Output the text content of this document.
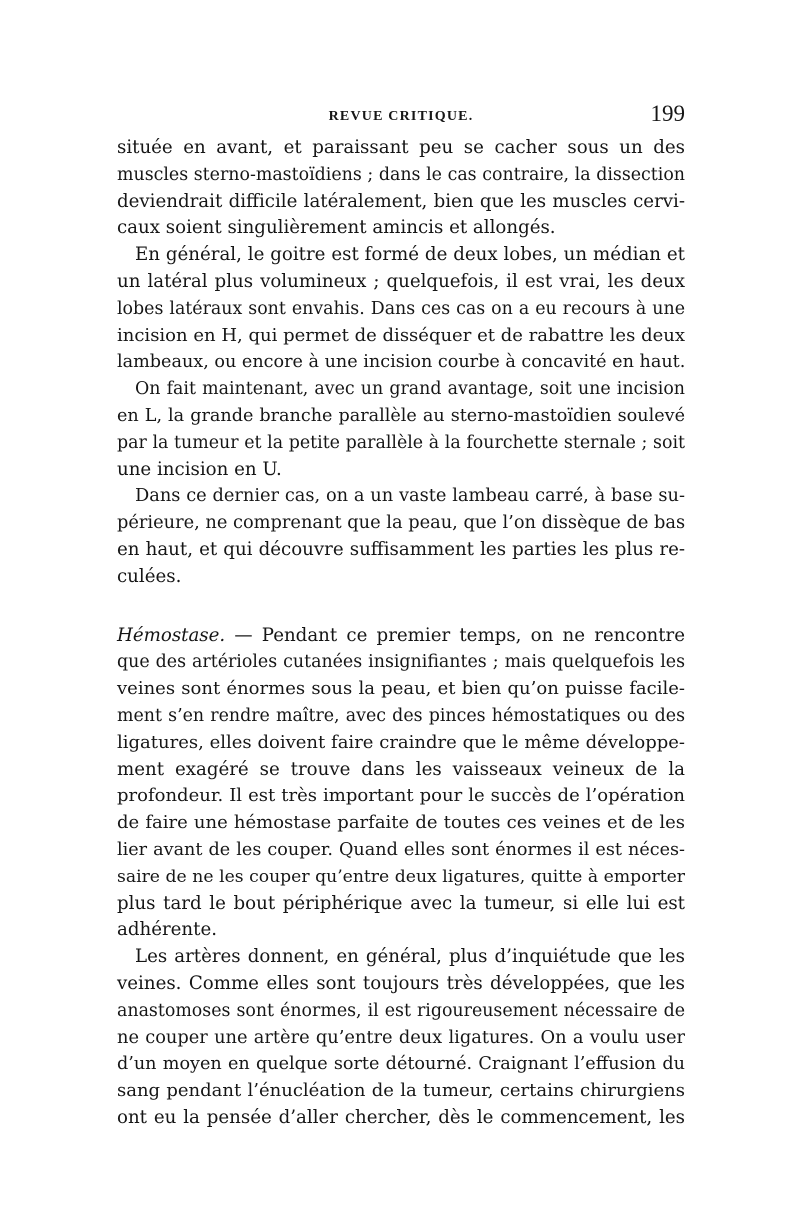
REVUE CRITIQUE.	199
située en avant, et paraissant peu se cacher sous un des
muscles sterno-mastoïdiens ; dans le cas contraire, la dissection
deviendrait difficile latéralement, bien que les muscles cervi-
caux soient singulièrement amincis et allongés.
En général, le goitre est formé de deux lobes, un médian et
un latéral plus volumineux ; quelquefois, il est vrai, les deux
lobes latéraux sont envahis. Dans ces cas on a eu recours à une
incision en H, qui permet de disséquer et de rabattre les deux
lambeaux, ou encore à une incision courbe à concavité en haut.
On fait maintenant, avec un grand avantage, soit une incision
en L, la grande branche parallèle au sterno-mastoïdien soulevé
par la tumeur et la petite parallèle à la fourchette sternale ; soit
une incision en U.
Dans ce dernier cas, on a un vaste lambeau carré, à base su-
périeure, ne comprenant que la peau, que l’on dissèque de bas
en haut, et qui découvre suffisamment les parties les plus re-
culées.
Hémostase. — Pendant ce premier temps, on ne rencontre
que des artérioles cutanées insignifiantes ; mais quelquefois les
veines sont énormes sous la peau, et bien qu’on puisse facile-
ment s’en rendre maître, avec des pinces hémostatiques ou des
ligatures, elles doivent faire craindre que le même développe-
ment exagéré se trouve dans les vaisseaux veineux de la
profondeur. Il est très important pour le succès de l’opération
de faire une hémostase parfaite de toutes ces veines et de les
lier avant de les couper. Quand elles sont énormes il est néces-
saire de ne les couper qu’entre deux ligatures, quitte à emporter
plus tard le bout périphérique avec la tumeur, si elle lui est
adhérente.
Les artères donnent, en général, plus d’inquiétude que les
veines. Comme elles sont toujours très développées, que les
anastomoses sont énormes, il est rigoureusement nécessaire de
ne couper une artère qu’entre deux ligatures. On a voulu user
d’un moyen en quelque sorte détourné. Craignant l’effusion du
sang pendant l’énucléation de la tumeur, certains chirurgiens
ont eu la pensée d’aller chercher, dès le commencement, les
